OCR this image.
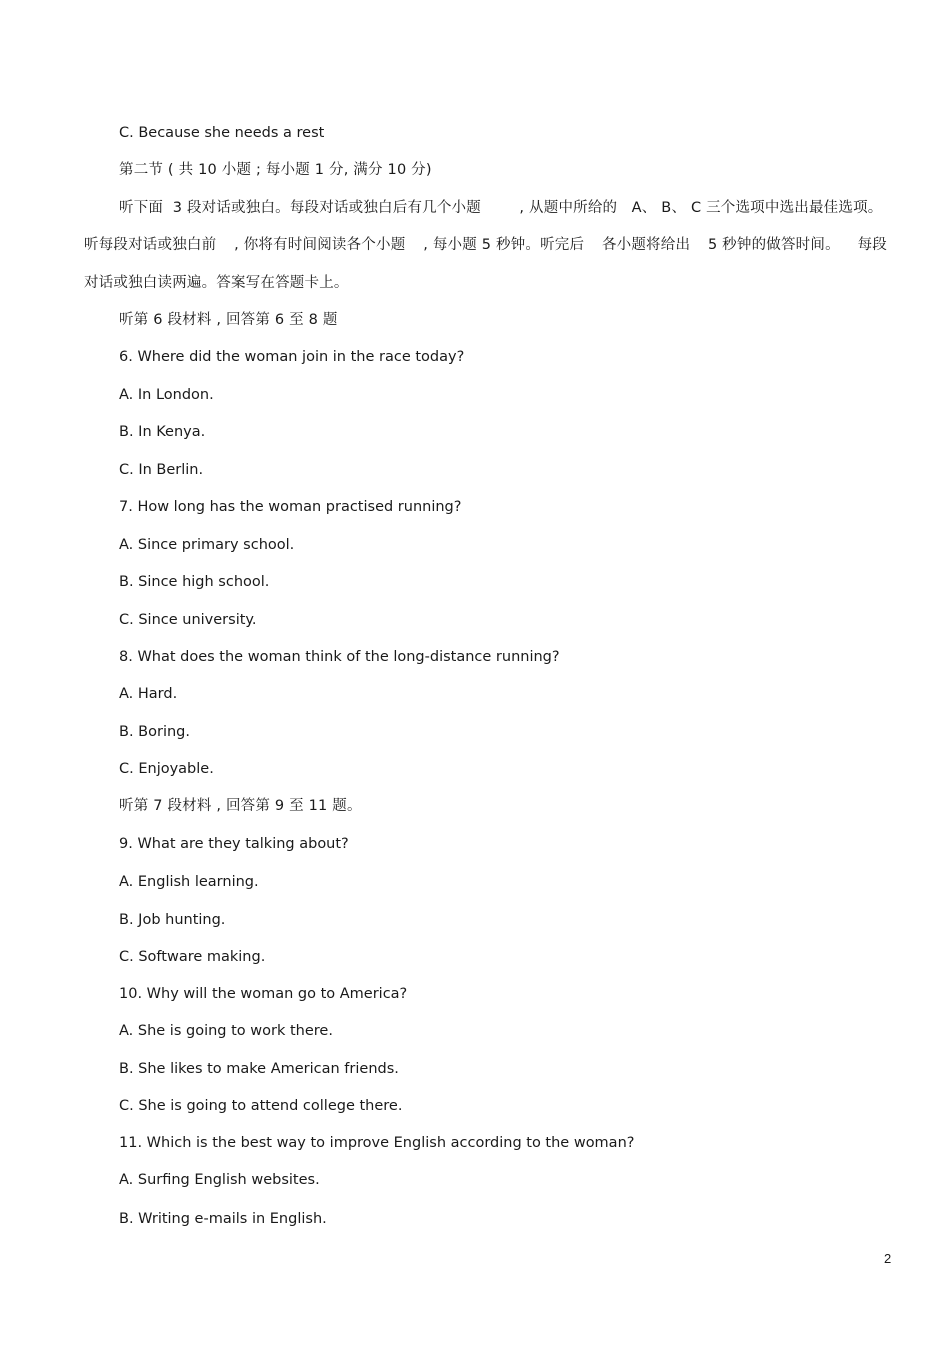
C. Because she needs a rest
第二节 ( 共 10 小题 ; 每小题 1 分, 满分 10 分)
听下面  3 段对话或独白。每段对话或独白后有几个小题        , 从题中所给的   A、 B、 C 三个选项中选出最佳选项。
听每段对话或独白前 , 你将有时间阅读各个小题 , 每小题 5 秒钟。听完后 各小题将给出 5 秒钟的做答时间。 每段
对话或独白读两遍。答案写在答题卡上。
听第 6 段材料 , 回答第 6 至 8 题
6. Where did the woman join in the race today?
A. In London.
B. In Kenya.
C. In Berlin.
7. How long has the woman practised running?
A. Since primary school.
B. Since high school.
C. Since university.
8. What does the woman think of the long-distance running?
A. Hard.
B. Boring.
C. Enjoyable.
听第 7 段材料 , 回答第 9 至 11 题。
9. What are they talking about?
A. English learning.
B. Job hunting.
C. Software making.
10. Why will the woman go to America?
A. She is going to work there.
B. She likes to make American friends.
C. She is going to attend college there.
11. Which is the best way to improve English according to the woman?
A. Surfing English websites.
B. Writing e-mails in English.
2
